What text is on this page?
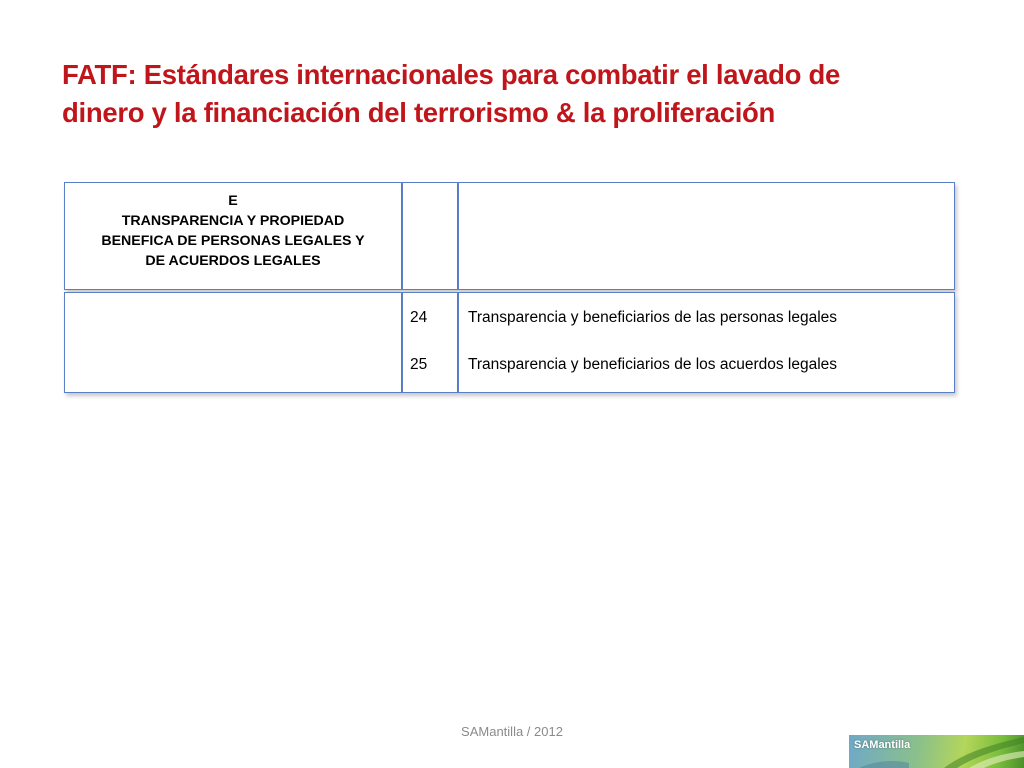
FATF: Estándares internacionales para combatir el lavado de
dinero y la financiación del terrorismo & la proliferación
E
TRANSPARENCIA Y PROPIEDAD
BENEFICA DE PERSONAS LEGALES Y
DE ACUERDOS LEGALES
24	Transparencia y beneficiarios de las personas legales
25	Transparencia y beneficiarios de los acuerdos legales
SAMantilla / 2012
SAMantilla
